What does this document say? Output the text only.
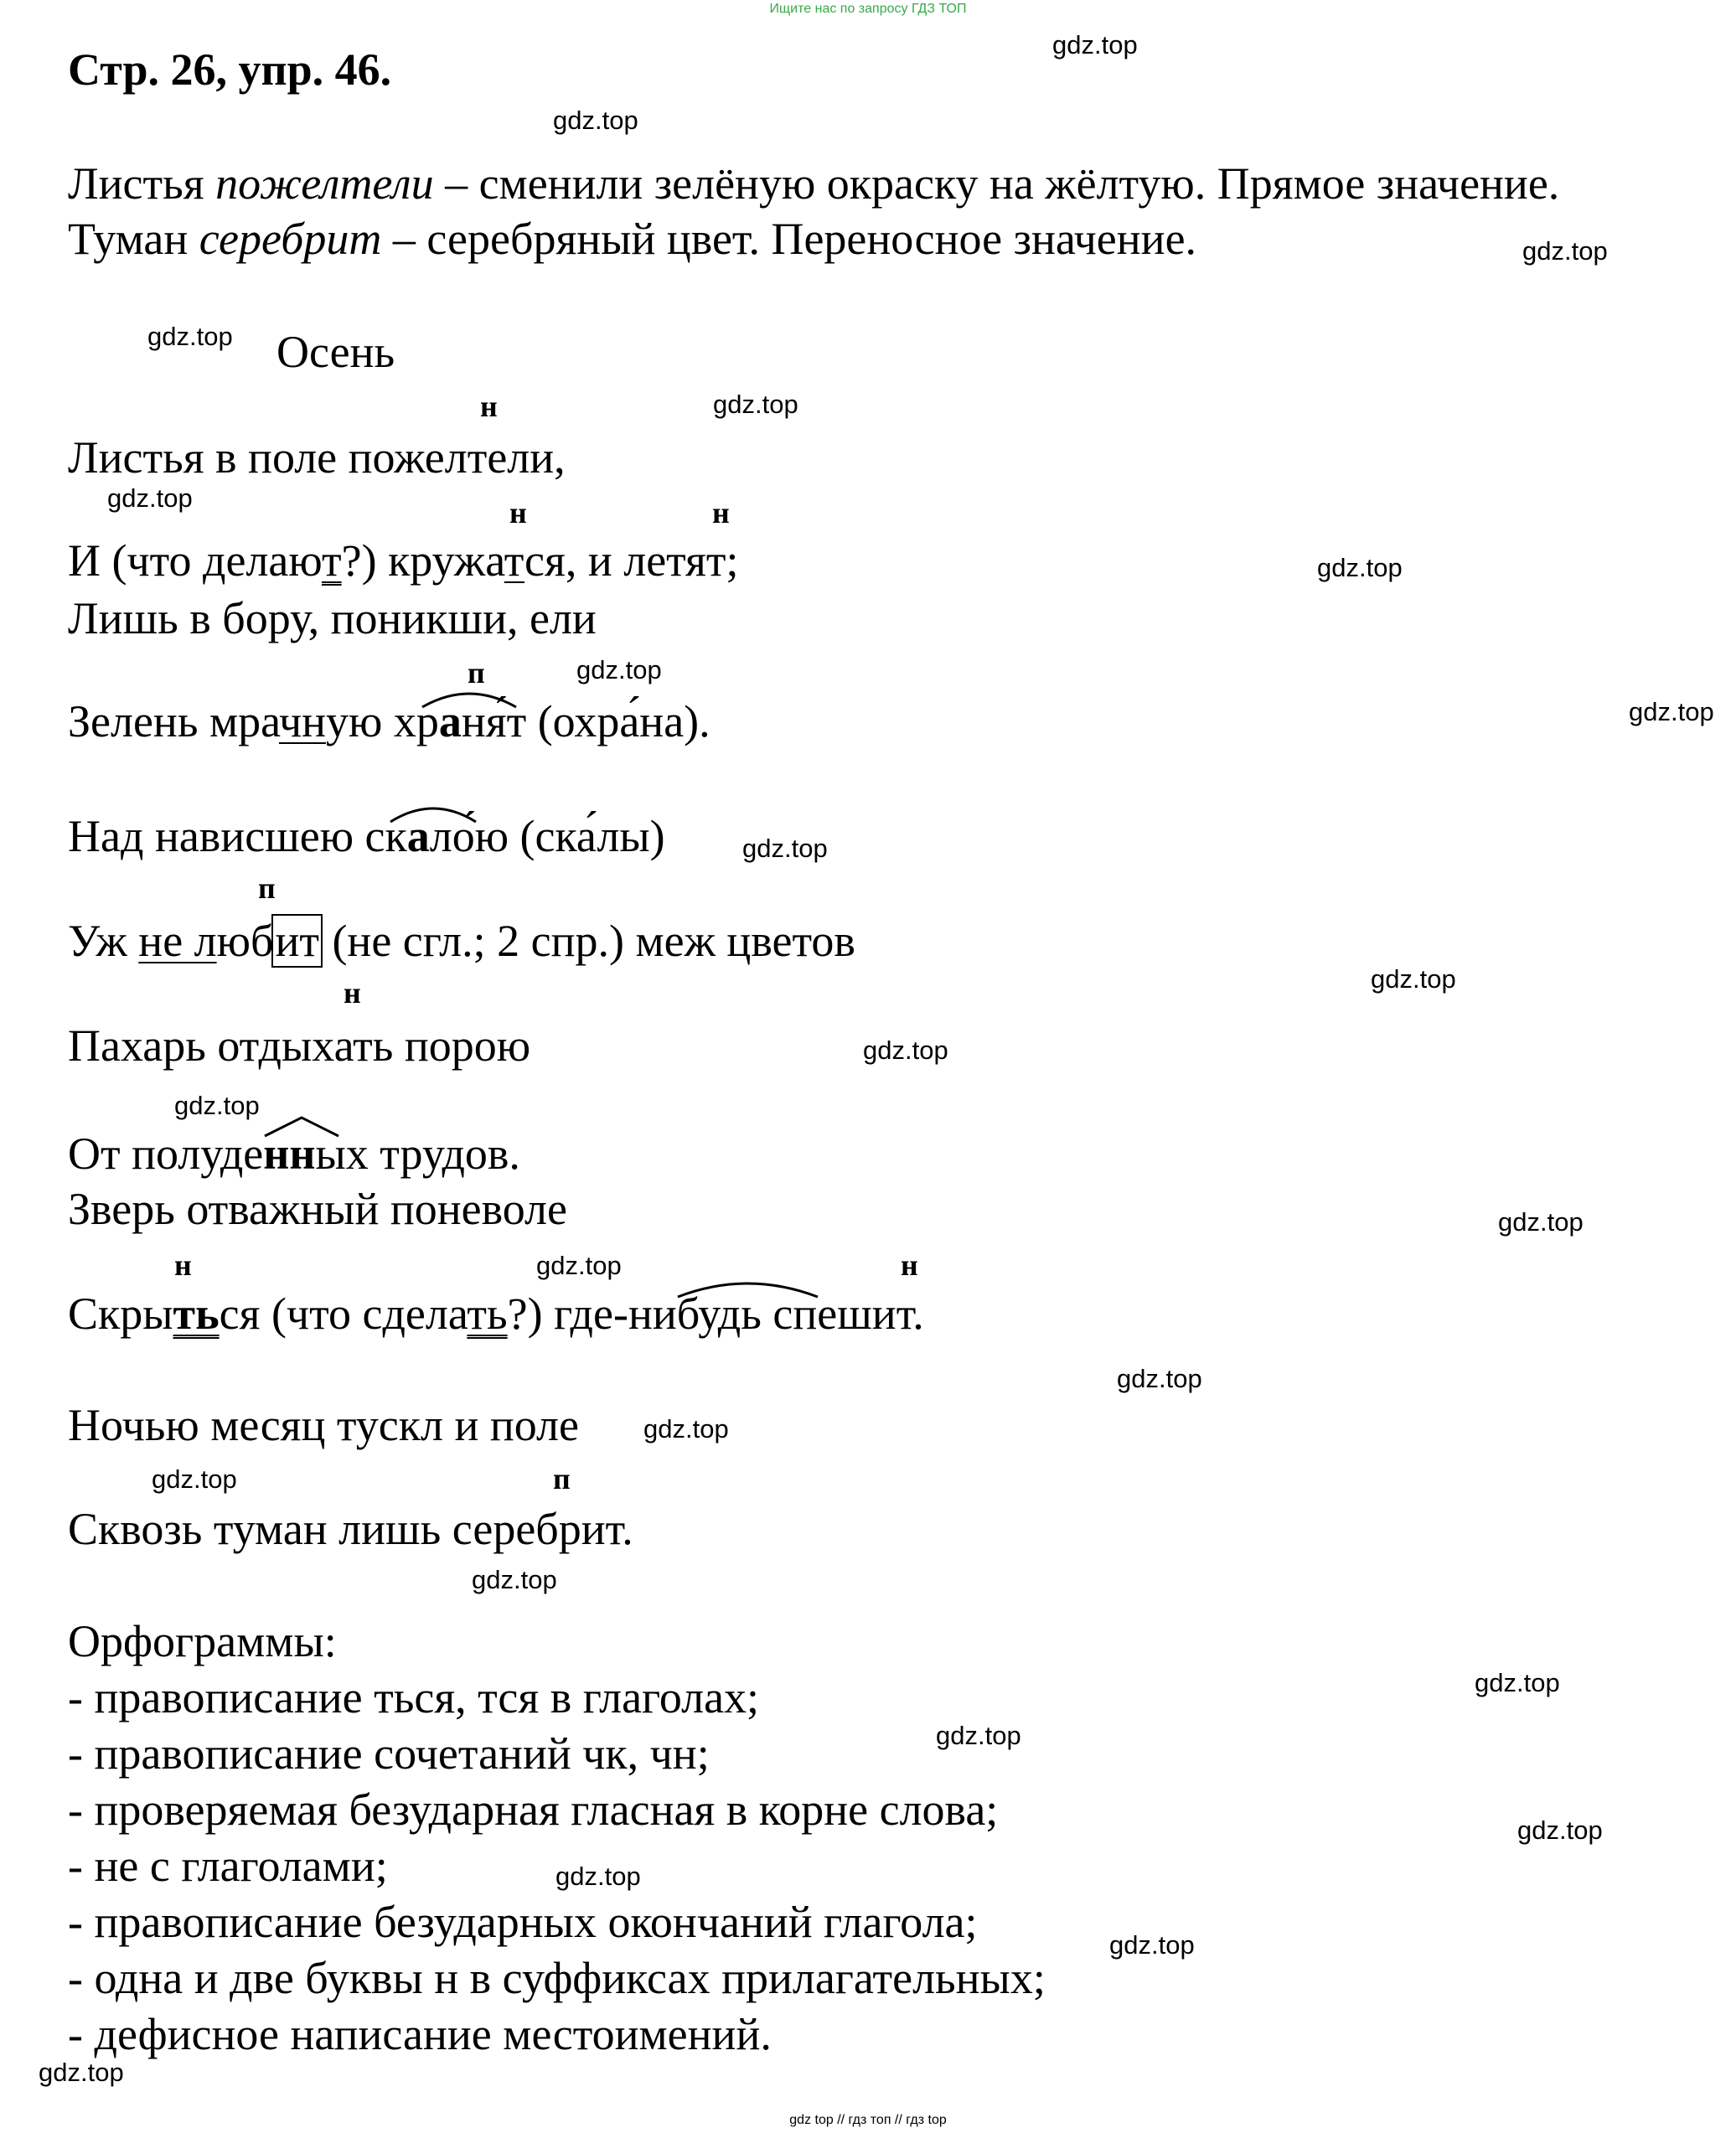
Ищите нас по запросу ГДЗ ТОП
gdz top // гдз топ // гдз top
Стр. 26, упр. 46.
Листья пожелтели – сменили зелёную окраску на жёлтую. Прямое значение.
Туман серебрит – серебряный цвет. Переносное значение.
Осень
н
н	н
п
п
н
н	н
п
Листья в поле пожелтели,
И (что делают?) кружатся, и летят;
Лишь в бору, поникши, ели
Зелень мрачную храня́т (охра́на).
Над нависшею скало́ю (ска́лы)
Уж не любит (не сгл.; 2 спр.) меж цветов
Пахарь отдыхать порою
От полуденных трудов.
Зверь отважный поневоле
Скрыться (что сделать?) где-нибудь спешит.
Ночью месяц тускл и поле
Сквозь туман лишь серебрит.
Орфограммы:
- правописание ться, тся в глаголах;
- правописание сочетаний чк, чн;
- проверяемая безударная гласная в корне слова;
- не с глаголами;
- правописание безударных окончаний глагола;
- одна и две буквы н в суффиксах прилагательных;
- дефисное написание местоимений.
gdz.top
gdz.top
gdz.top
gdz.top
gdz.top
gdz.top
gdz.top
gdz.top
gdz.top
gdz.top
gdz.top
gdz.top
gdz.top
gdz.top
gdz.top
gdz.top
gdz.top
gdz.top
gdz.top
gdz.top
gdz.top
gdz.top
gdz.top
gdz.top
gdz.top
